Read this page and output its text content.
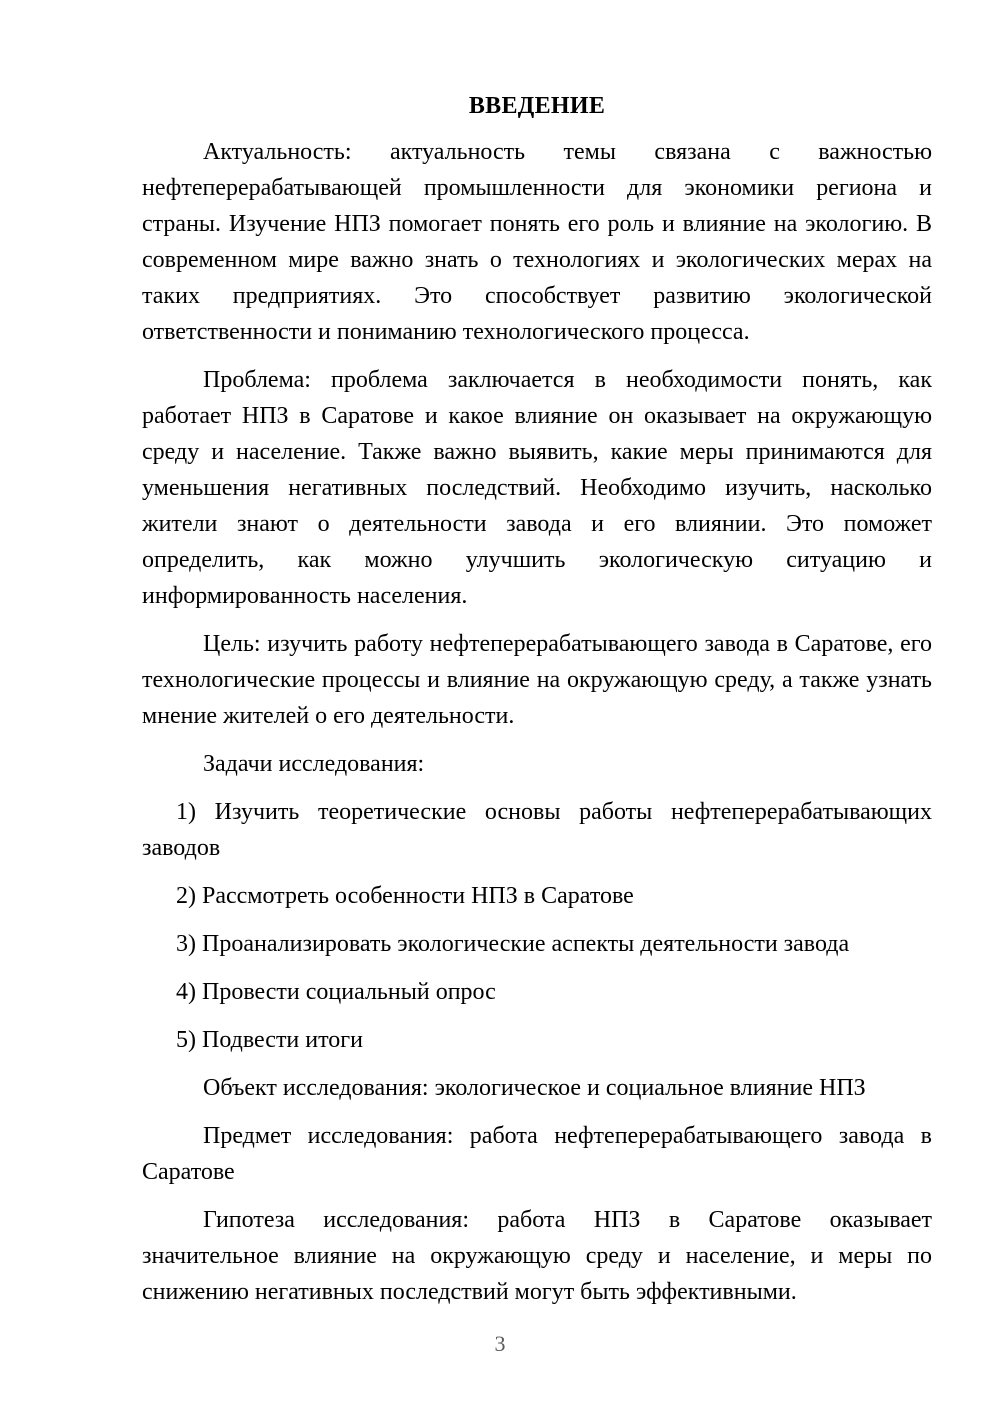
ВВЕДЕНИЕ

Актуальность: актуальность темы связана с важностью нефтеперерабатывающей промышленности для экономики региона и страны. Изучение НПЗ помогает понять его роль и влияние на экологию. В современном мире важно знать о технологиях и экологических мерах на таких предприятиях. Это способствует развитию экологической ответственности и пониманию технологического процесса.

Проблема: проблема заключается в необходимости понять, как работает НПЗ в Саратове и какое влияние он оказывает на окружающую среду и население. Также важно выявить, какие меры принимаются для уменьшения негативных последствий. Необходимо изучить, насколько жители знают о деятельности завода и его влиянии. Это поможет определить, как можно улучшить экологическую ситуацию и информированность населения.

Цель: изучить работу нефтеперерабатывающего завода в Саратове, его технологические процессы и влияние на окружающую среду, а также узнать мнение жителей о его деятельности.

Задачи исследования:

1) Изучить теоретические основы работы нефтеперерабатывающих заводов

2) Рассмотреть особенности НПЗ в Саратове

3) Проанализировать экологические аспекты деятельности завода

4) Провести социальный опрос

5) Подвести итоги

Объект исследования: экологическое и социальное влияние НПЗ

Предмет исследования: работа нефтеперерабатывающего завода в Саратове

Гипотеза исследования: работа НПЗ в Саратове оказывает значительное влияние на окружающую среду и население, и меры по снижению негативных последствий могут быть эффективными.

3
